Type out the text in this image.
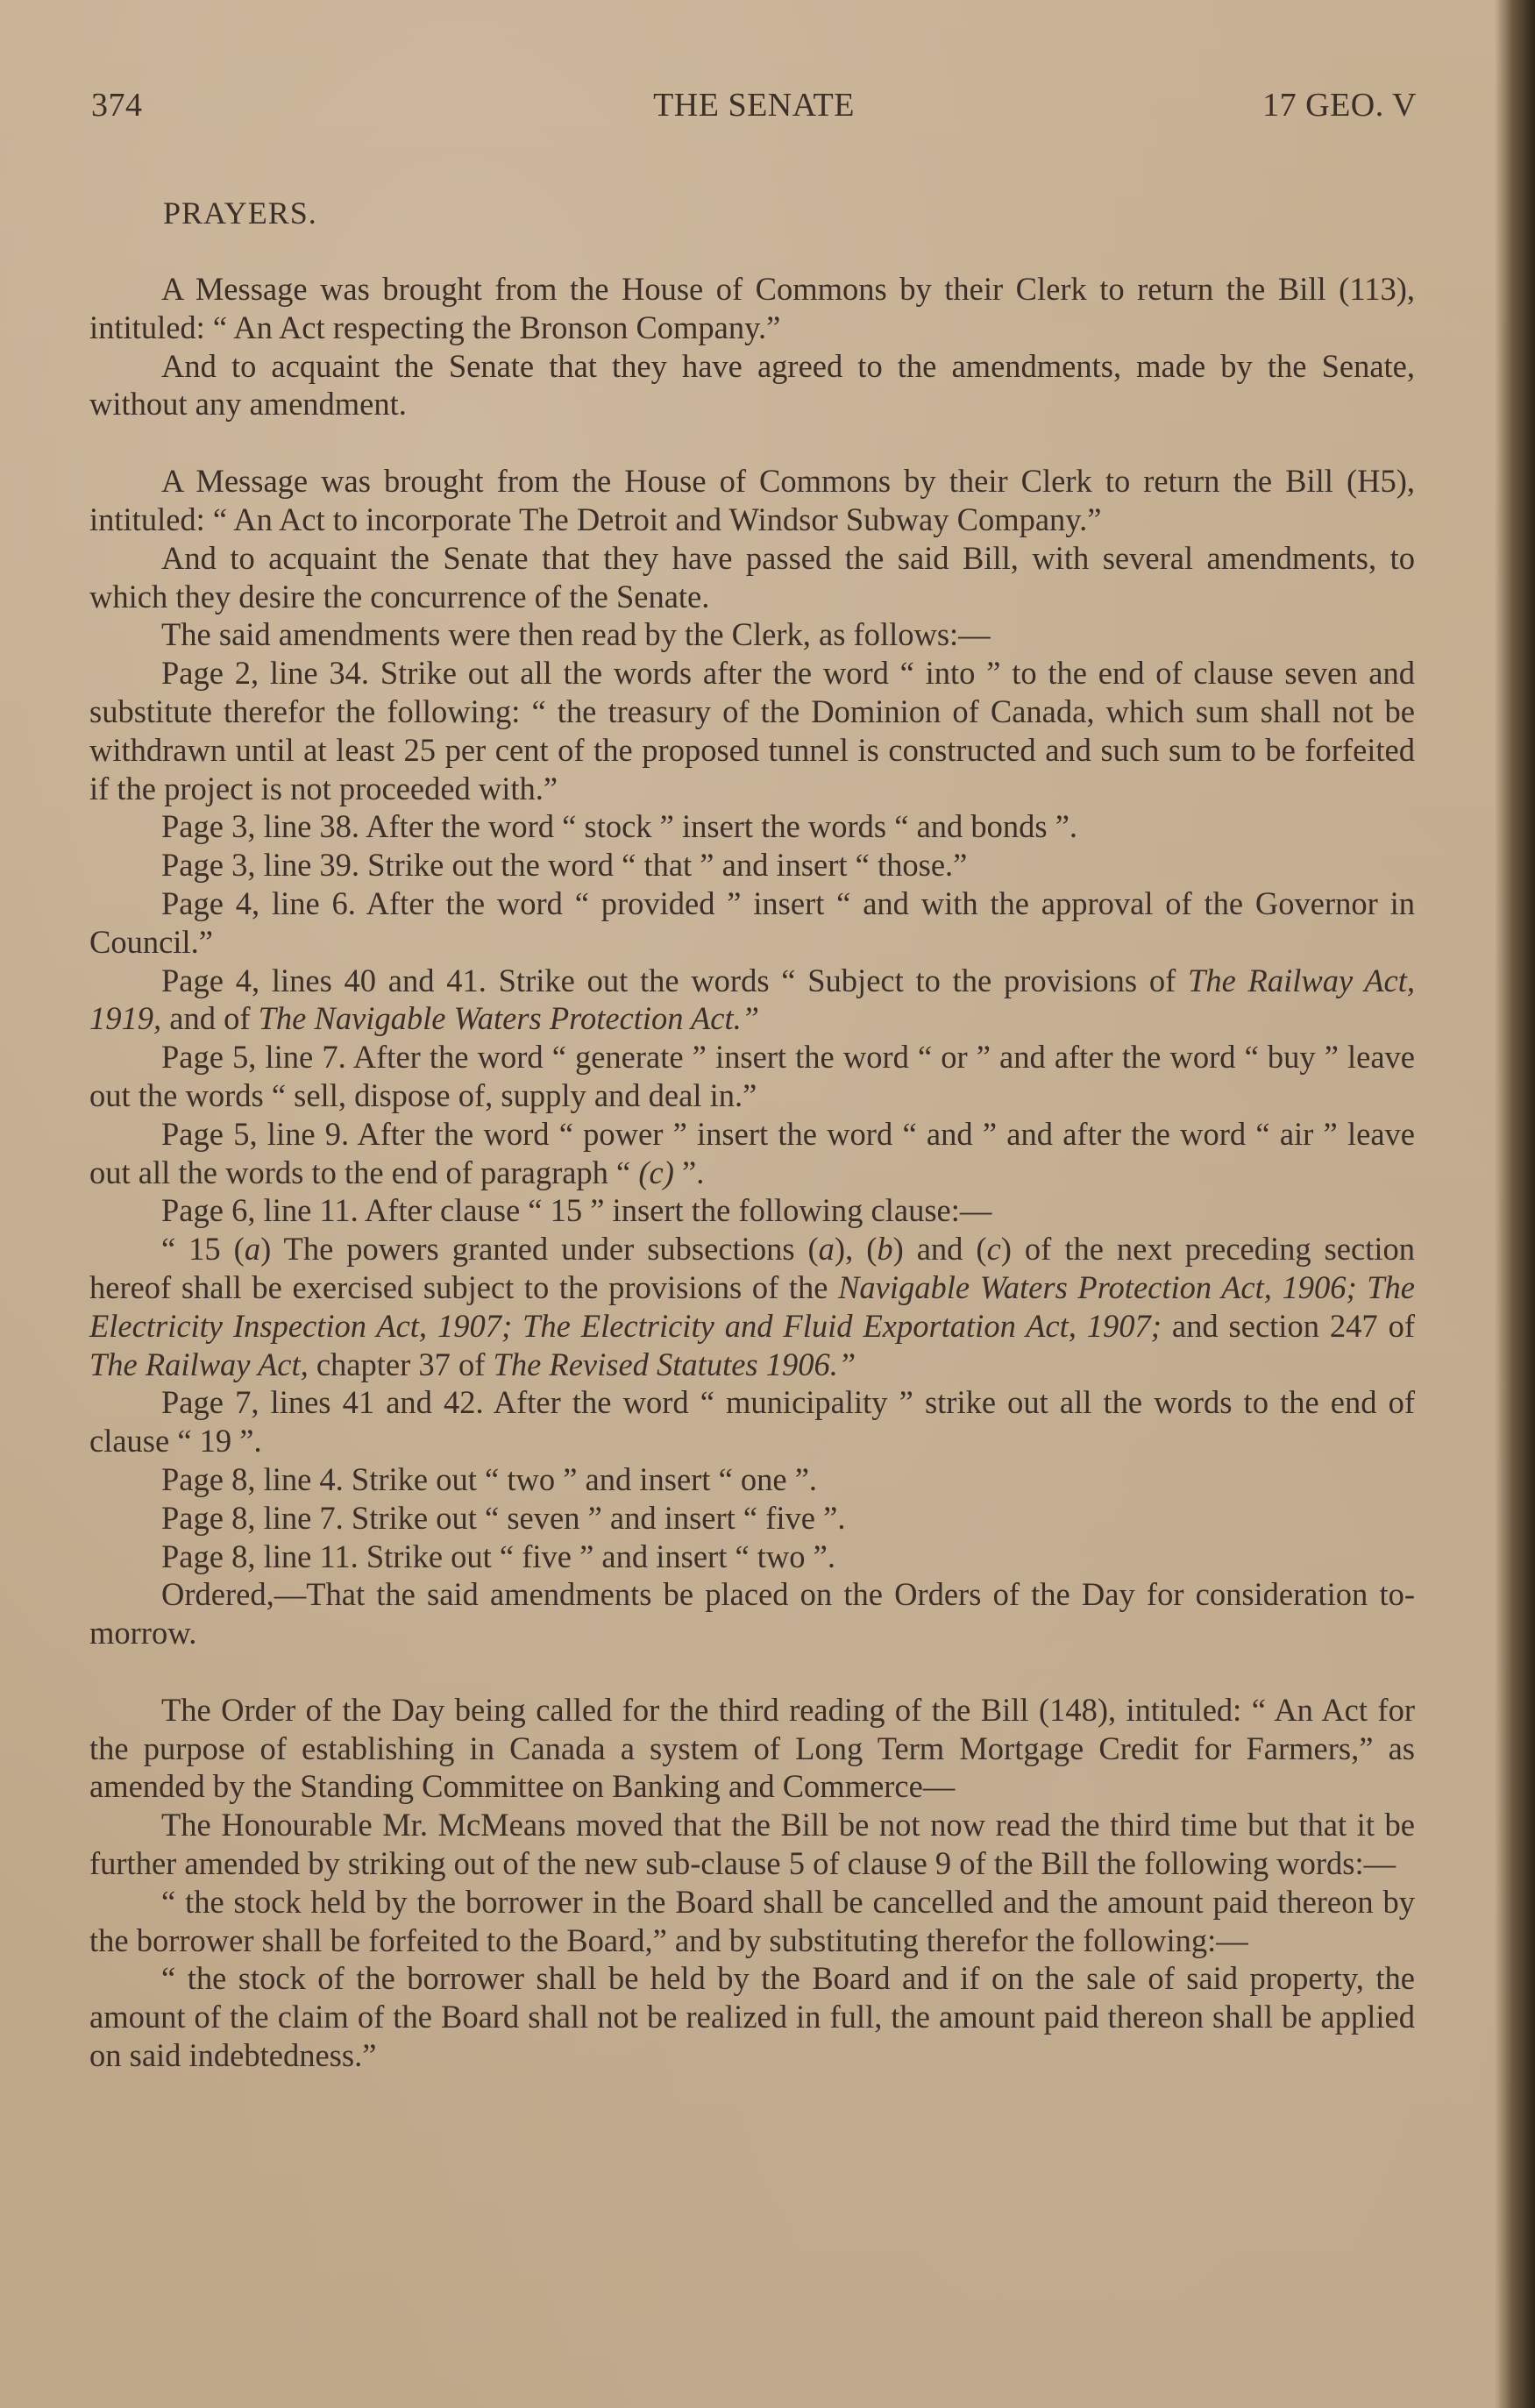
374	THE SENATE	17 GEO. V
PRAYERS.

A Message was brought from the House of Commons by their Clerk to return the Bill (113), intituled: “ An Act respecting the Bronson Company.”

And to acquaint the Senate that they have agreed to the amendments, made by the Senate, without any amendment.

A Message was brought from the House of Commons by their Clerk to return the Bill (H5), intituled: “ An Act to incorporate The Detroit and Windsor Subway Company.”

And to acquaint the Senate that they have passed the said Bill, with several amendments, to which they desire the concurrence of the Senate.

The said amendments were then read by the Clerk, as follows:—

Page 2, line 34. Strike out all the words after the word “ into ” to the end of clause seven and substitute therefor the following: “ the treasury of the Dominion of Canada, which sum shall not be withdrawn until at least 25 per cent of the proposed tunnel is constructed and such sum to be forfeited if the project is not proceeded with.”

Page 3, line 38. After the word “ stock ” insert the words “ and bonds ”.

Page 3, line 39. Strike out the word “ that ” and insert “ those.”

Page 4, line 6. After the word “ provided ” insert “ and with the approval of the Governor in Council.”

Page 4, lines 40 and 41. Strike out the words “ Subject to the provisions of The Railway Act, 1919, and of The Navigable Waters Protection Act.”

Page 5, line 7. After the word “ generate ” insert the word “ or ” and after the word “ buy ” leave out the words “ sell, dispose of, supply and deal in.”

Page 5, line 9. After the word “ power ” insert the word “ and ” and after the word “ air ” leave out all the words to the end of paragraph “ (c) ”.

Page 6, line 11. After clause “ 15 ” insert the following clause:—

“ 15 (a) The powers granted under subsections (a), (b) and (c) of the next preceding section hereof shall be exercised subject to the provisions of the Navigable Waters Protection Act, 1906; The Electricity Inspection Act, 1907; The Electricity and Fluid Exportation Act, 1907; and section 247 of The Railway Act, chapter 37 of The Revised Statutes 1906.”

Page 7, lines 41 and 42. After the word “ municipality ” strike out all the words to the end of clause “ 19 ”.

Page 8, line 4. Strike out “ two ” and insert “ one ”.

Page 8, line 7. Strike out “ seven ” and insert “ five ”.

Page 8, line 11. Strike out “ five ” and insert “ two ”.

Ordered,—That the said amendments be placed on the Orders of the Day for consideration to-morrow.

The Order of the Day being called for the third reading of the Bill (148), intituled: “ An Act for the purpose of establishing in Canada a system of Long Term Mortgage Credit for Farmers,” as amended by the Standing Committee on Banking and Commerce—

The Honourable Mr. McMeans moved that the Bill be not now read the third time but that it be further amended by striking out of the new sub-clause 5 of clause 9 of the Bill the following words:—

“ the stock held by the borrower in the Board shall be cancelled and the amount paid thereon by the borrower shall be forfeited to the Board,” and by substituting therefor the following:—

“ the stock of the borrower shall be held by the Board and if on the sale of said property, the amount of the claim of the Board shall not be realized in full, the amount paid thereon shall be applied on said indebtedness.”
